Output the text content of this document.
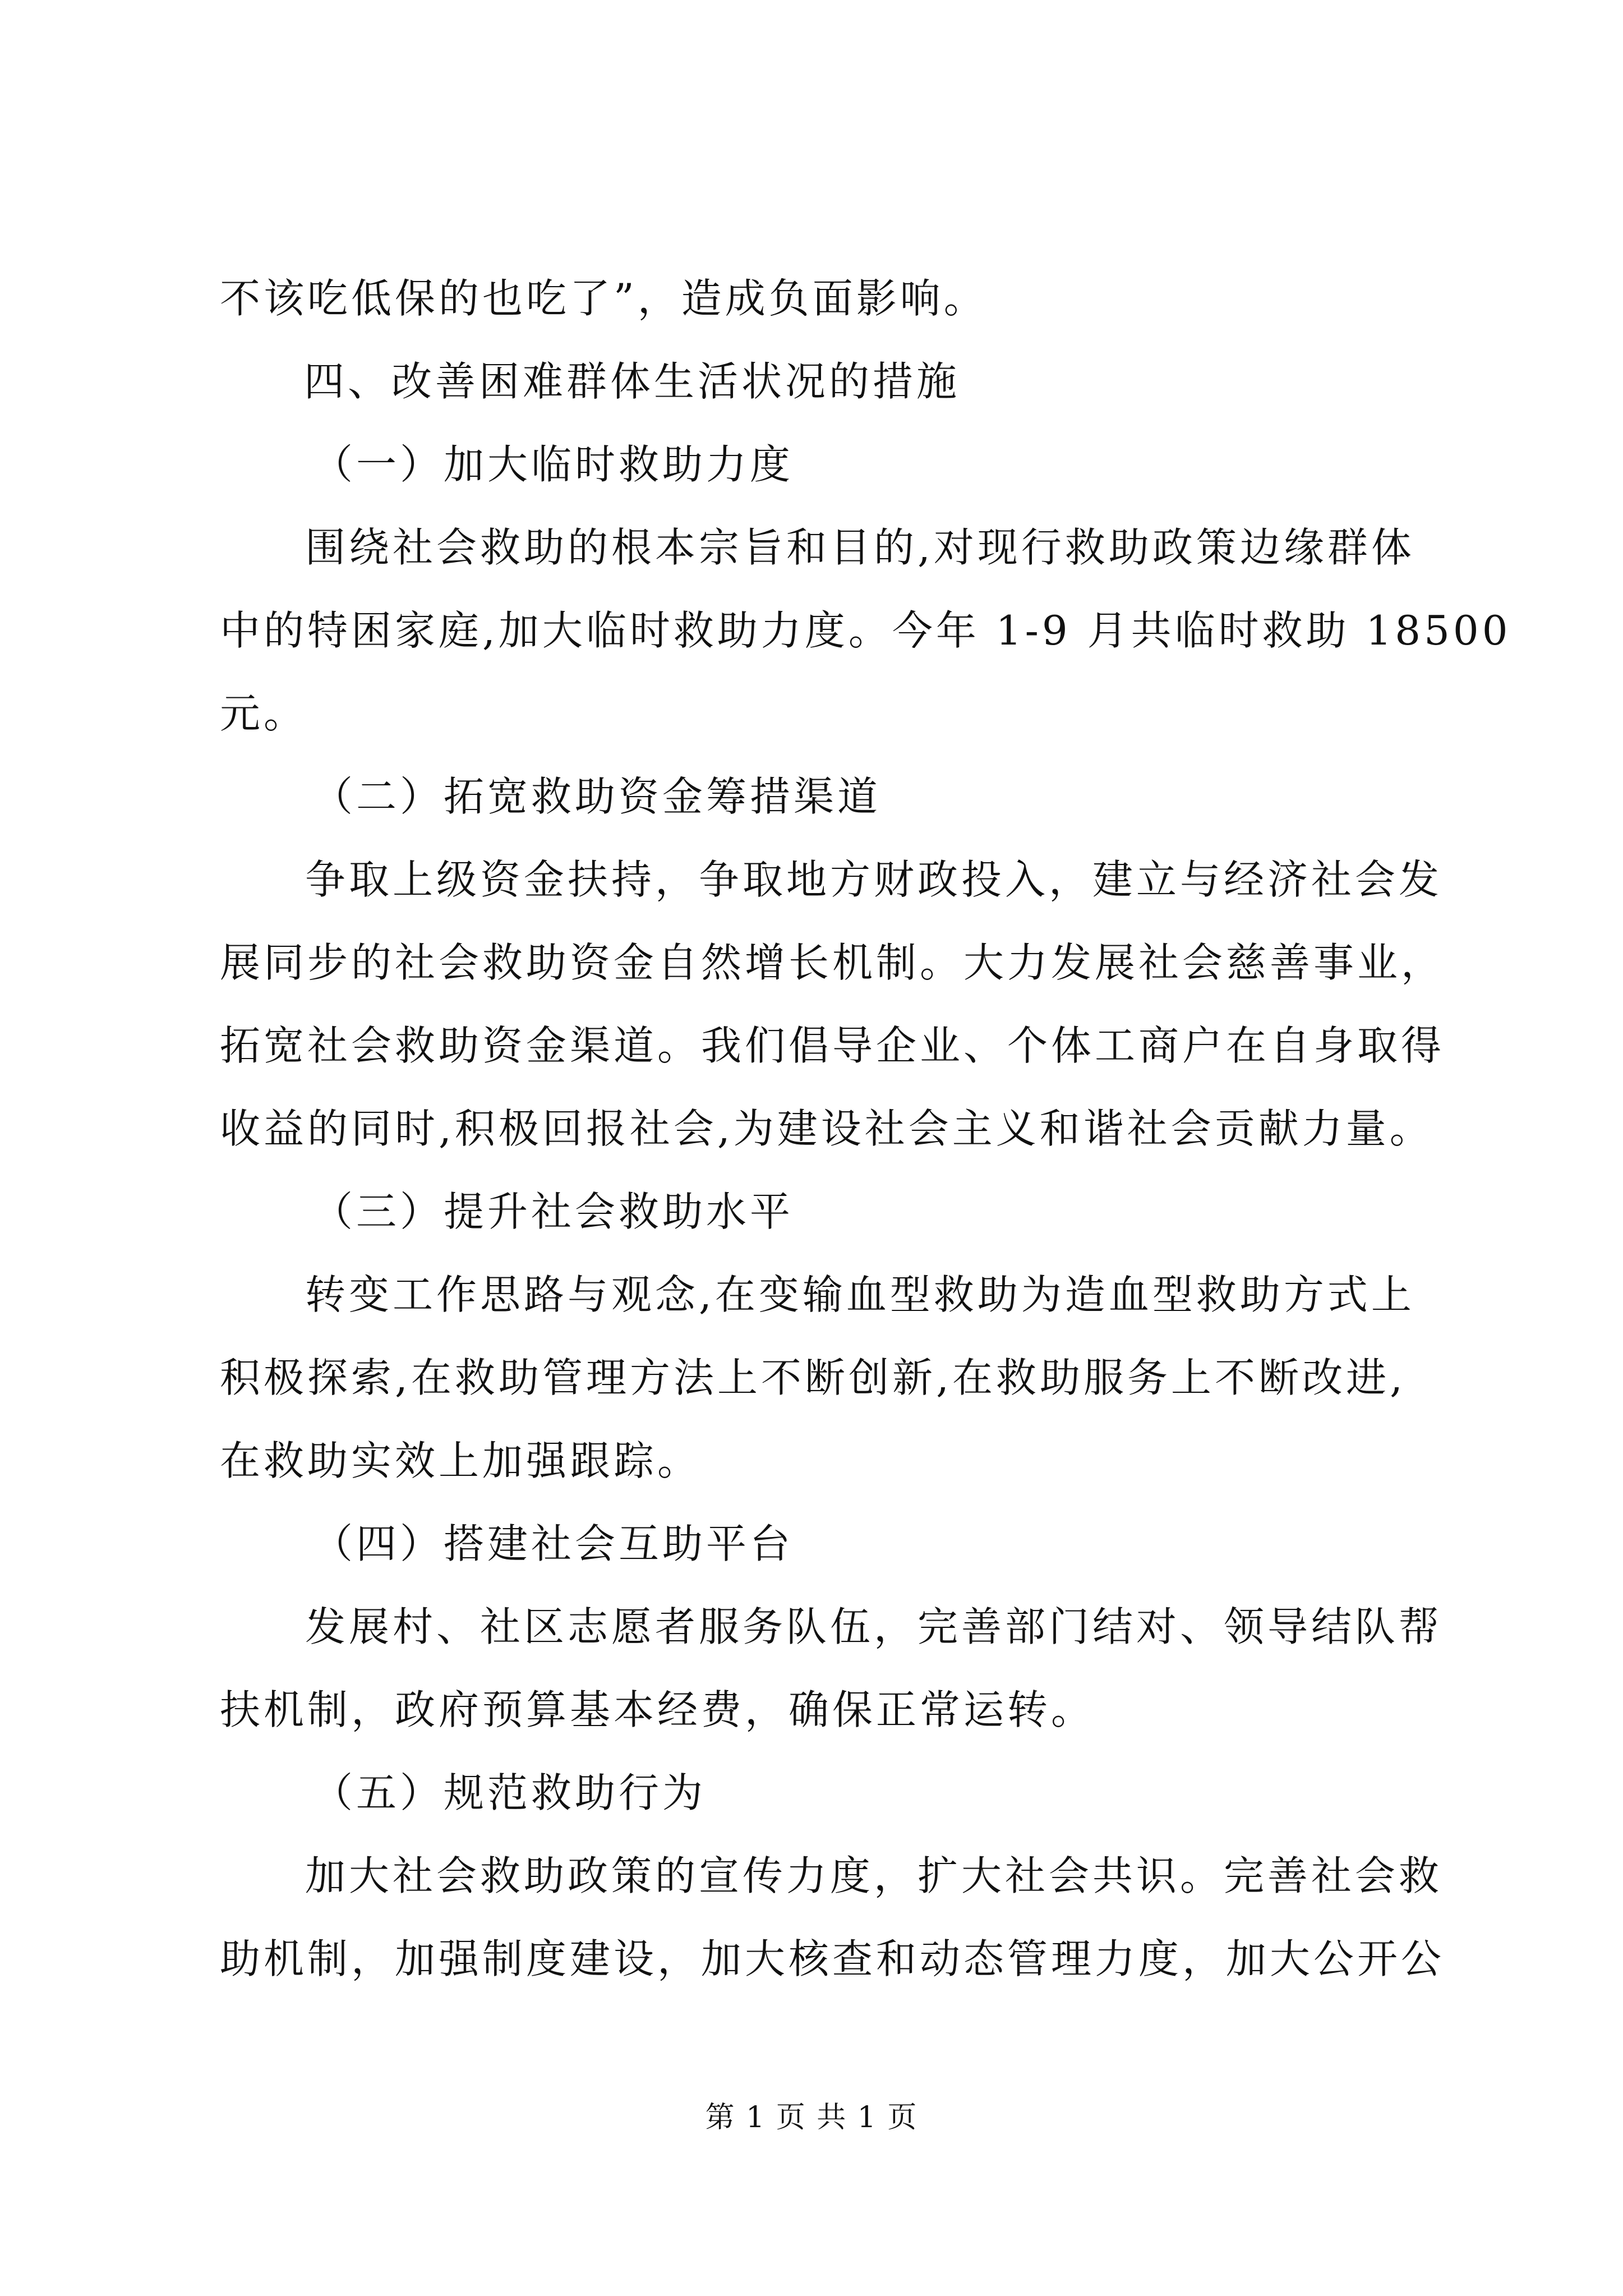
不该吃低保的也吃了”，造成负面影响。
四、改善困难群体生活状况的措施
（一）加大临时救助力度
围绕社会救助的根本宗旨和目的,对现行救助政策边缘群体
中的特困家庭,加大临时救助力度。今年 1-9 月共临时救助 18500
元。
（二）拓宽救助资金筹措渠道
争取上级资金扶持，争取地方财政投入，建立与经济社会发
展同步的社会救助资金自然增长机制。大力发展社会慈善事业，
拓宽社会救助资金渠道。我们倡导企业、个体工商户在自身取得
收益的同时,积极回报社会,为建设社会主义和谐社会贡献力量。
（三）提升社会救助水平
转变工作思路与观念,在变输血型救助为造血型救助方式上
积极探索,在救助管理方法上不断创新,在救助服务上不断改进,
在救助实效上加强跟踪。
（四）搭建社会互助平台
发展村、社区志愿者服务队伍，完善部门结对、领导结队帮
扶机制，政府预算基本经费，确保正常运转。
（五）规范救助行为
加大社会救助政策的宣传力度，扩大社会共识。完善社会救
助机制，加强制度建设，加大核查和动态管理力度，加大公开公
第 1 页 共 1 页
